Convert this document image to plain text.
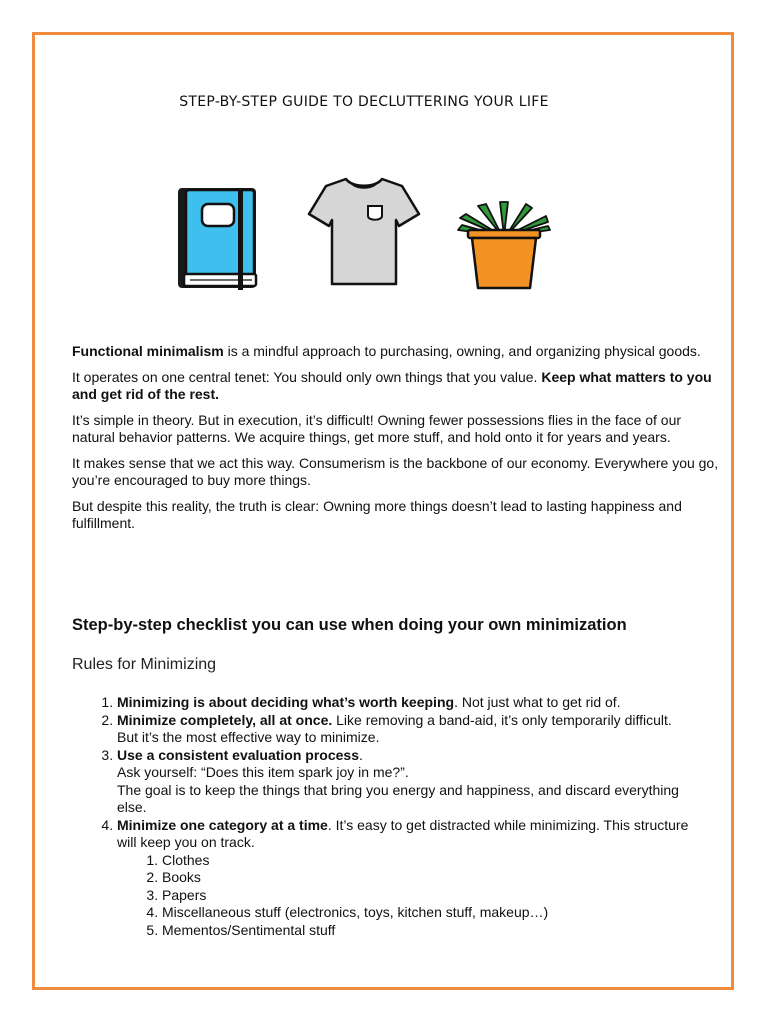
STEP-BY-STEP GUIDE TO DECLUTTERING YOUR LIFE

Functional minimalism is a mindful approach to purchasing, owning, and organizing physical goods.

It operates on one central tenet: You should only own things that you value. Keep what matters to you and get rid of the rest.

It’s simple in theory. But in execution, it’s difficult! Owning fewer possessions flies in the face of our natural behavior patterns. We acquire things, get more stuff, and hold onto it for years and years.

It makes sense that we act this way. Consumerism is the backbone of our economy. Everywhere you go, you’re encouraged to buy more things.

But despite this reality, the truth is clear: Owning more things doesn’t lead to lasting happiness and fulfillment.

Step-by-step checklist you can use when doing your own minimization
Rules for Minimizing
1. Minimizing is about deciding what’s worth keeping. Not just what to get rid of.
2. Minimize completely, all at once. Like removing a band-aid, it’s only temporarily difficult. But it’s the most effective way to minimize.
3. Use a consistent evaluation process.
Ask yourself: “Does this item spark joy in me?”.
The goal is to keep the things that bring you energy and happiness, and discard everything else.
4. Minimize one category at a time. It’s easy to get distracted while minimizing. This structure will keep you on track.
1. Clothes
2. Books
3. Papers
4. Miscellaneous stuff (electronics, toys, kitchen stuff, makeup…)
5. Mementos/Sentimental stuff
